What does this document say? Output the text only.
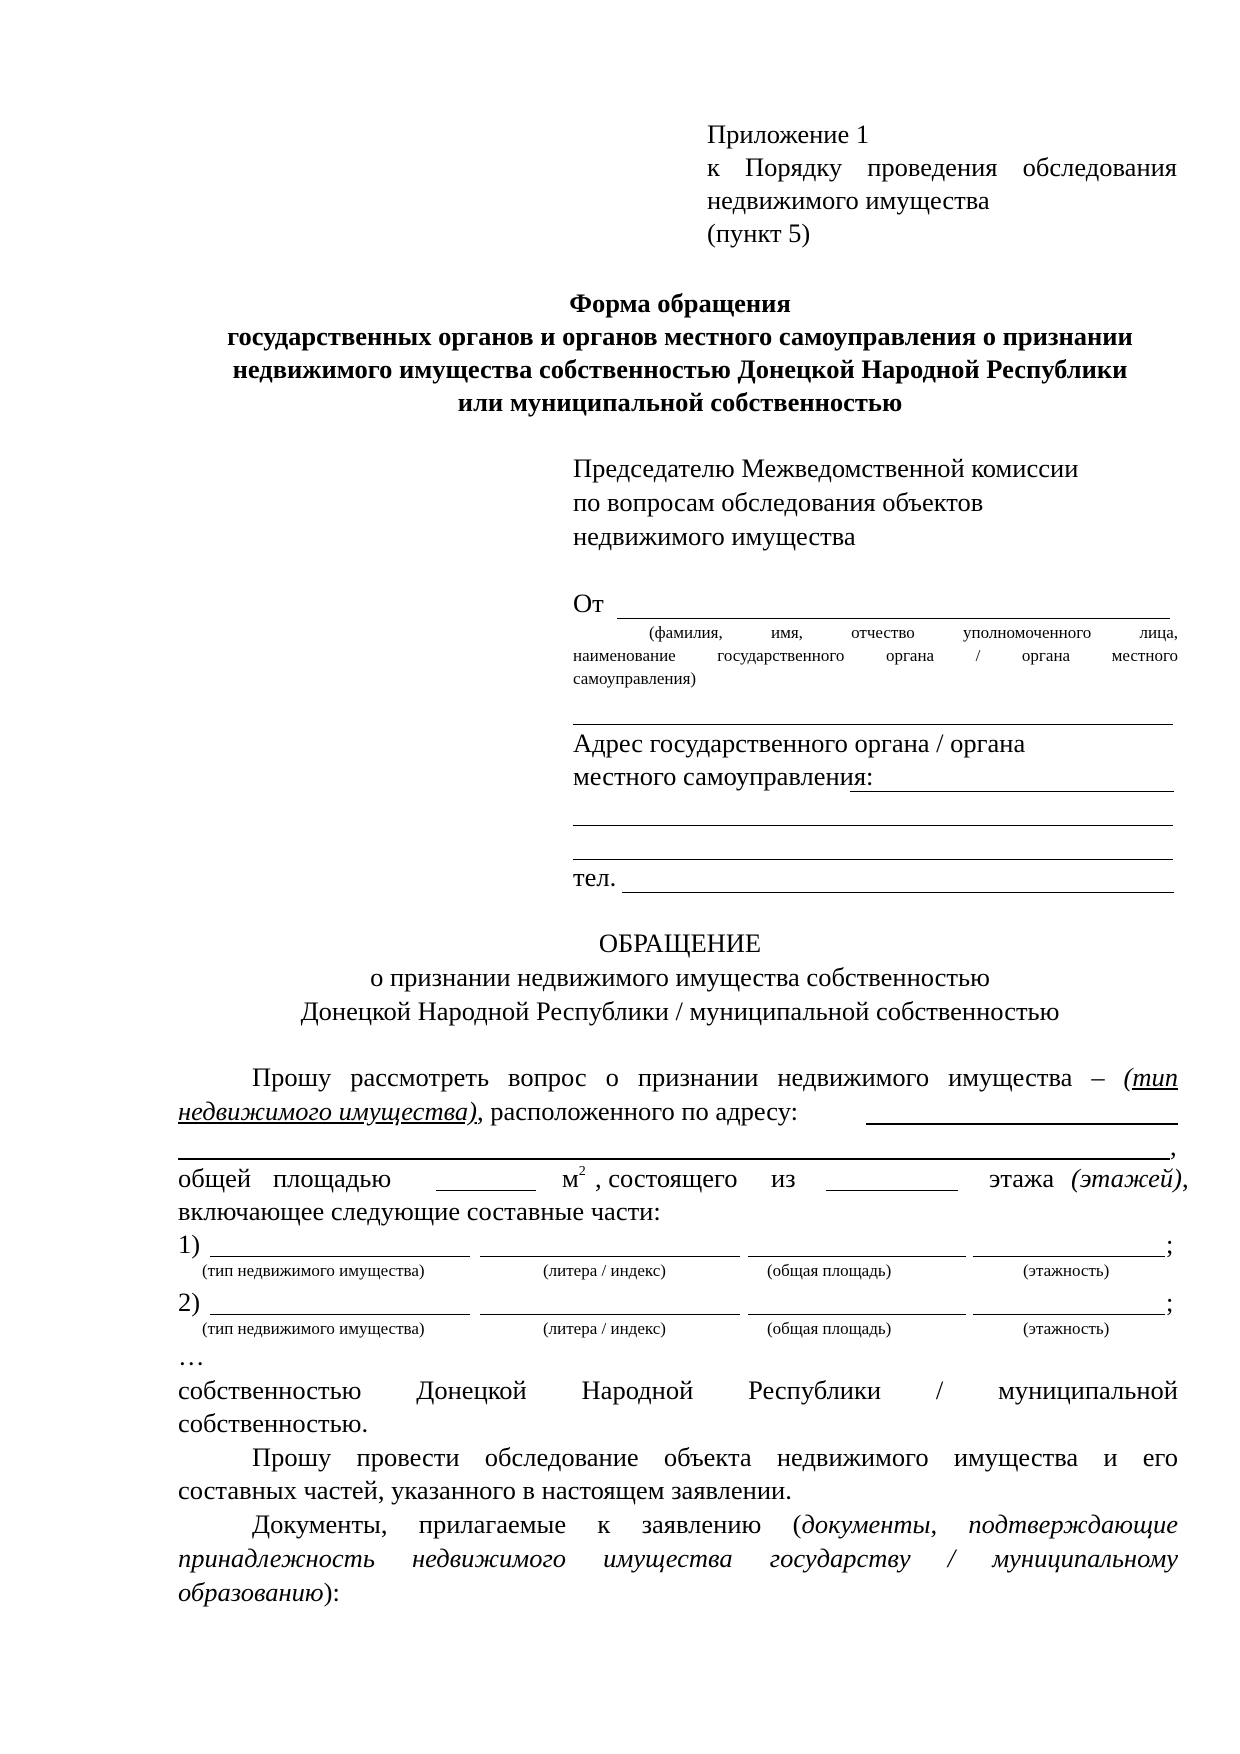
Приложение 1
к Порядку проведения обследования
недвижимого имущества
(пункт 5)
Форма обращения
государственных органов и органов местного самоуправления о признании
недвижимого имущества собственностью Донецкой Народной Республики
или муниципальной собственностью
Председателю Межведомственной комиссии
по вопросам обследования объектов
недвижимого имущества
От
(фамилия, имя, отчество уполномоченного лица,
наименование государственного органа / органа местного
самоуправления)
Адрес государственного органа / органа
местного самоуправления:
тел.
ОБРАЩЕНИЕ
о признании недвижимого имущества собственностью
Донецкой Народной Республики / муниципальной собственностью
Прошу рассмотреть вопрос о признании недвижимого имущества – (тип
недвижимого имущества), расположенного по адресу:
,
общей площадью	$м^2$ , состоящего из	этажа (этажей),
включающее следующие составные части:
1)	;
(тип недвижимого имущества)	(литера / индекс)	(общая площадь)	(этажность)
2)	;
(тип недвижимого имущества)	(литера / индекс)	(общая площадь)	(этажность)
…
собственностью Донецкой Народной Республики / муниципальной
собственностью.
Прошу провести обследование объекта недвижимого имущества и его
составных частей, указанного в настоящем заявлении.
Документы, прилагаемые к заявлению (документы, подтверждающие
принадлежность недвижимого имущества государству / муниципальному
образованию):
